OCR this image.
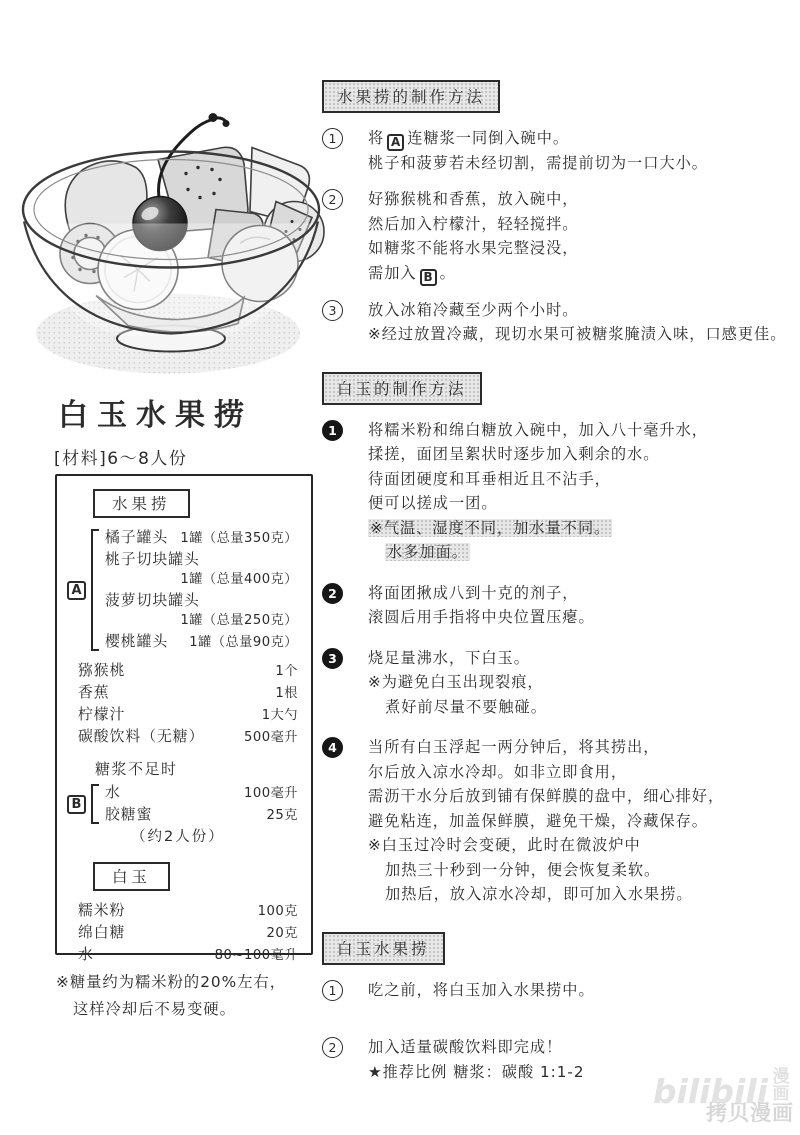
白玉水果捞
[材料]6～8人份
水果捞
A
橘子罐头 1罐（总量350克）
桃子切块罐头
1罐（总量400克）
菠萝切块罐头
1罐（总量250克）
樱桃罐头 1罐（总量90克）
猕猴桃	1个
香蕉	1根
柠檬汁	1大勺
碳酸饮料（无糖）	500毫升
糖浆不足时
B
水	100毫升
胶糖蜜	25克
（约2人份）
白玉
糯米粉	100克
绵白糖	20克
水	80~100毫升
※糖量约为糯米粉的20%左右，
这样冷却后不易变硬。
水果捞的制作方法
1	将 A 连糖浆一同倒入碗中。
桃子和菠萝若未经切割，需提前切为一口大小。
2	好猕猴桃和香蕉，放入碗中，
然后加入柠檬汁，轻轻搅拌。
如糖浆不能将水果完整浸没，
需加入 B 。
3	放入冰箱冷藏至少两个小时。
※经过放置冷藏，现切水果可被糖浆腌渍入味，口感更佳。
白玉的制作方法
1	将糯米粉和绵白糖放入碗中，加入八十毫升水，
揉搓，面团呈絮状时逐步加入剩余的水。
待面团硬度和耳垂相近且不沾手，
便可以搓成一团。
※气温、湿度不同，加水量不同。
水多加面。
2	将面团揪成八到十克的剂子，
滚圆后用手指将中央位置压瘪。
3	烧足量沸水，下白玉。
※为避免白玉出现裂痕，
煮好前尽量不要触碰。
4	当所有白玉浮起一两分钟后，将其捞出，
尔后放入凉水冷却。如非立即食用，
需沥干水分后放到铺有保鲜膜的盘中，细心排好，
避免粘连，加盖保鲜膜，避免干燥，冷藏保存。
※白玉过冷时会变硬，此时在微波炉中
加热三十秒到一分钟，便会恢复柔软。
加热后，放入凉水冷却，即可加入水果捞。
白玉水果捞
1	吃之前，将白玉加入水果捞中。
2	加入适量碳酸饮料即完成！
★推荐比例 糖浆：碳酸 1:1-2
bilibili 漫
画
拷贝漫画
